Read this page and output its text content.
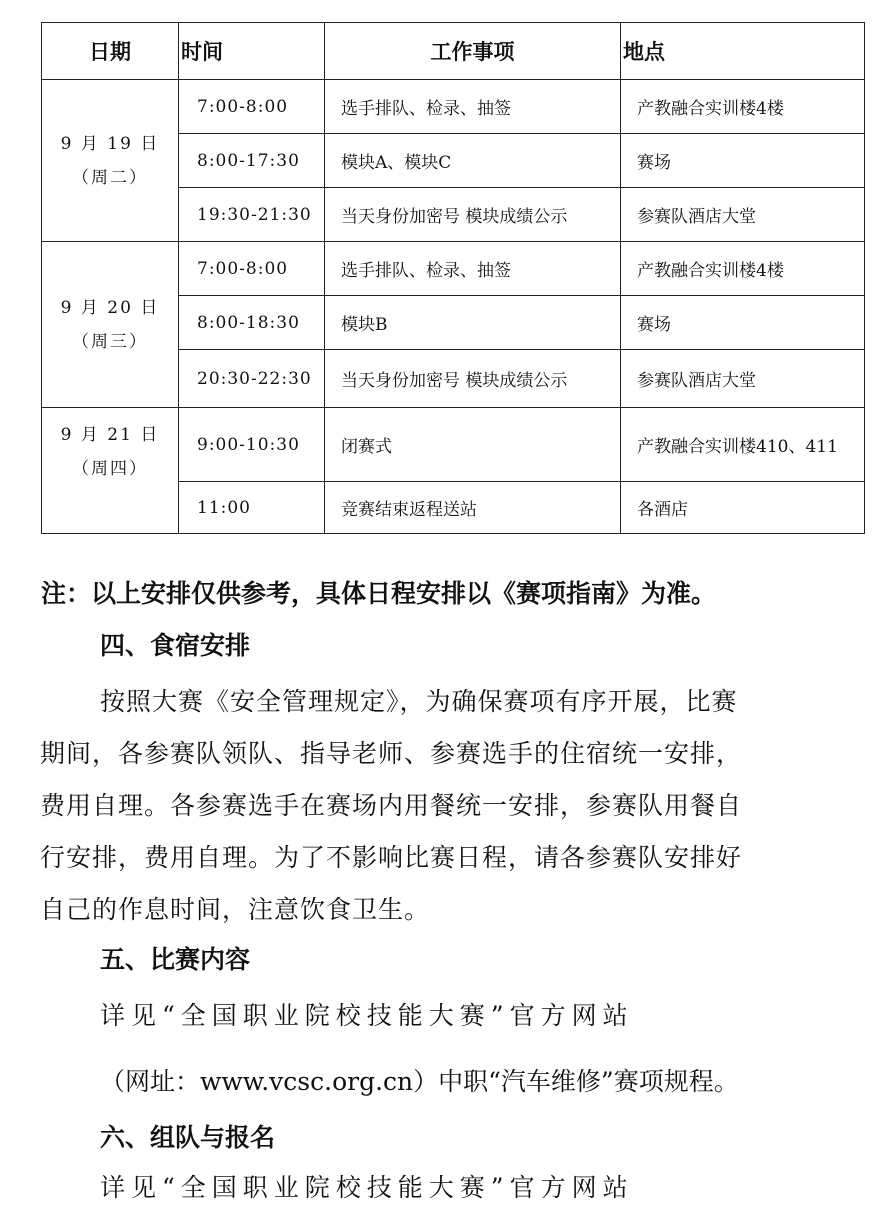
日期	时间	工作事项	地点

9 月 19 日
（周二）	7:00-8:00	选手排队、检录、抽签	产教融合实训楼4楼
	8:00-17:30	模块A、模块C	赛场
	19:30-21:30	当天身份加密号 模块成绩公示	参赛队酒店大堂

9 月 20 日
（周三）	7:00-8:00	选手排队、检录、抽签	产教融合实训楼4楼
	8:00-18:30	模块B	赛场
	20:30-22:30	当天身份加密号 模块成绩公示	参赛队酒店大堂

9 月 21 日
（周四）	9:00-10:30	闭赛式	产教融合实训楼410、411
	11:00	竞赛结束返程送站	各酒店
注：以上安排仅供参考，具体日程安排以《赛项指南》为准。
四、食宿安排
按照大赛《安全管理规定》，为确保赛项有序开展，比赛
期间，各参赛队领队、指导老师、参赛选手的住宿统一安排，
费用自理。各参赛选手在赛场内用餐统一安排，参赛队用餐自
行安排，费用自理。为了不影响比赛日程，请各参赛队安排好
自己的作息时间，注意饮食卫生。
五、比赛内容
详见“全国职业院校技能大赛”官方网站
（网址：www.vcsc.org.cn）中职“汽车维修”赛项规程。
六、组队与报名
详见“全国职业院校技能大赛”官方网站
